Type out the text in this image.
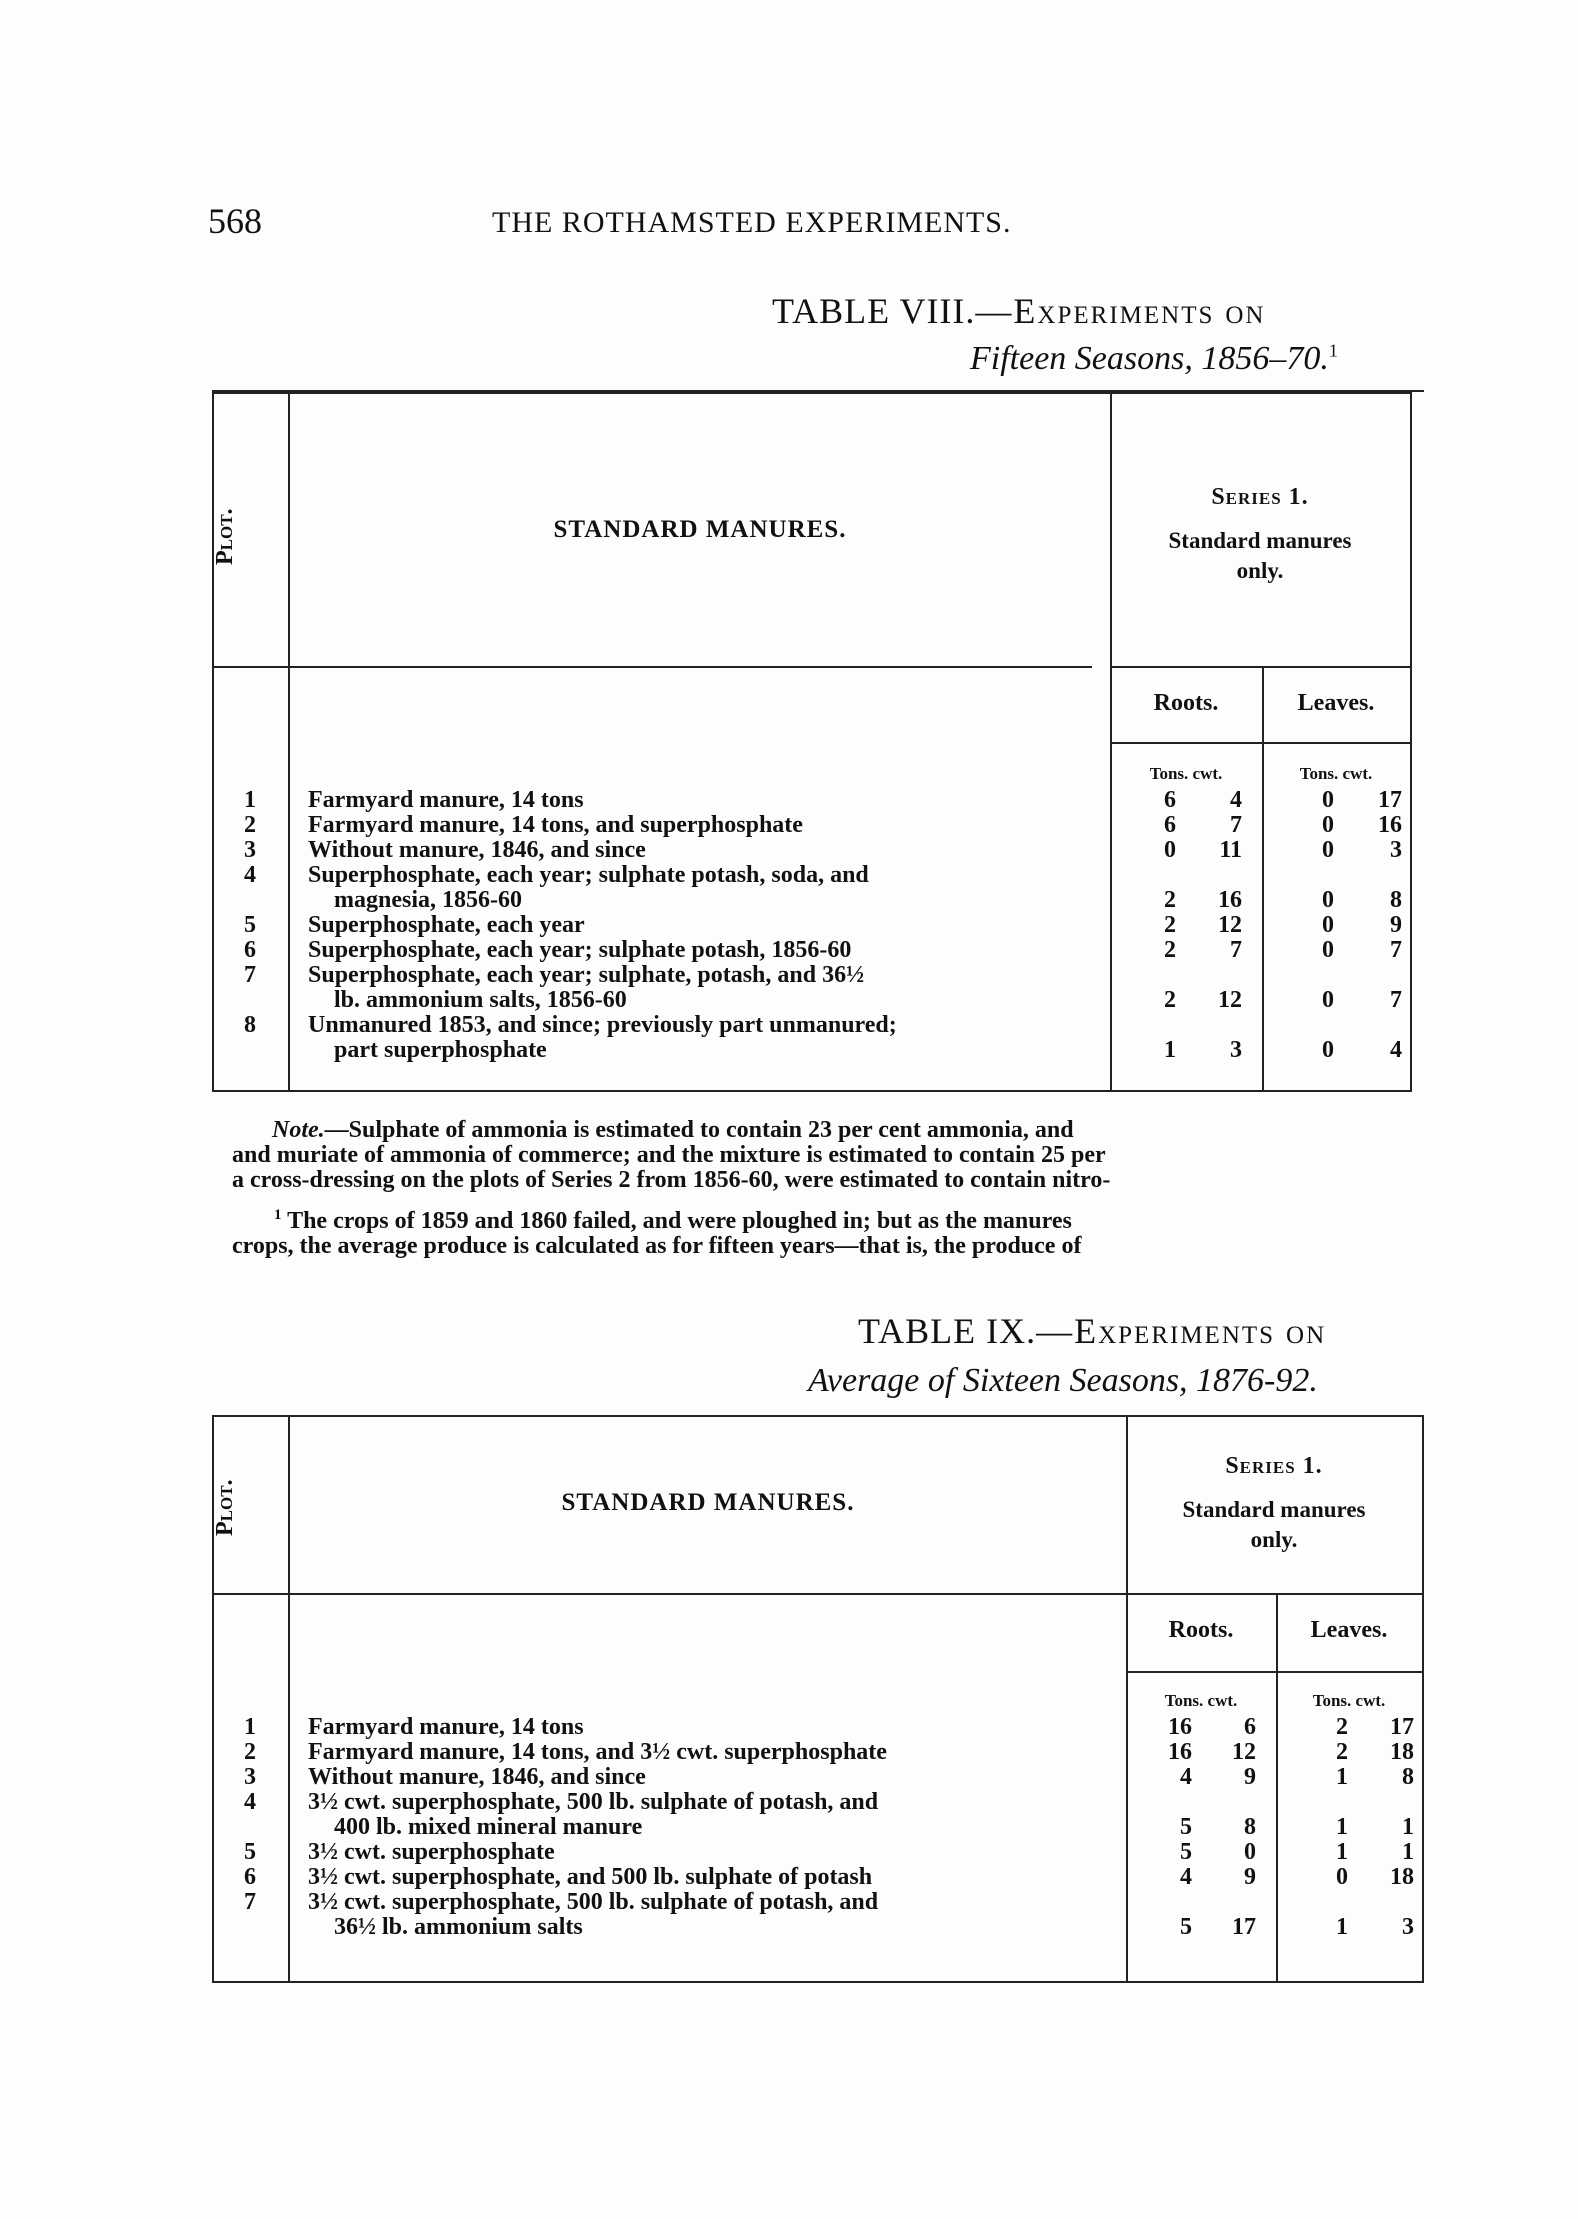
568	THE ROTHAMSTED EXPERIMENTS.
TABLE VIII.—Experiments on
Fifteen Seasons, 1856–70.$^1$
Plot.	STANDARD MANURES.
Series 1.
Standard manures
only.
Roots.	Leaves.
Tons. cwt.	Tons. cwt.
1	Farmyard manure, 14 tons	6	4	0	17
2	Farmyard manure, 14 tons, and superphosphate	6	7	0	16
3	Without manure, 1846, and since	0	11	0	3
4	Superphosphate, each year; sulphate potash, soda, and
magnesia, 1856-60	2	16	0	8
5	Superphosphate, each year	2	12	0	9
6	Superphosphate, each year; sulphate potash, 1856-60	2	7	0	7
7	Superphosphate, each year; sulphate, potash, and 36½
lb. ammonium salts, 1856-60	2	12	0	7
8	Unmanured 1853, and since; previously part unmanured;
part superphosphate	1	3	0	4

Note.—Sulphate of ammonia is estimated to contain 23 per cent ammonia, and

and muriate of ammonia of commerce; and the mixture is estimated to contain 25 per

a cross-dressing on the plots of Series 2 from 1856-60, were estimated to contain nitro-

$^1$ The crops of 1859 and 1860 failed, and were ploughed in; but as the manures

crops, the average produce is calculated as for fifteen years—that is, the produce of

TABLE IX.—Experiments on
Average of Sixteen Seasons, 1876-92.
Plot.	STANDARD MANURES.
Series 1.
Standard manures
only.
Roots.	Leaves.
Tons. cwt.	Tons. cwt.
1	Farmyard manure, 14 tons	16	6	2	17
2	Farmyard manure, 14 tons, and 3½ cwt. superphosphate	16	12	2	18
3	Without manure, 1846, and since	4	9	1	8
4	3½ cwt. superphosphate, 500 lb. sulphate of potash, and
400 lb. mixed mineral manure	5	8	1	1
5	3½ cwt. superphosphate	5	0	1	1
6	3½ cwt. superphosphate, and 500 lb. sulphate of potash	4	9	0	18
7	3½ cwt. superphosphate, 500 lb. sulphate of potash, and
36½ lb. ammonium salts	5	17	1	3
